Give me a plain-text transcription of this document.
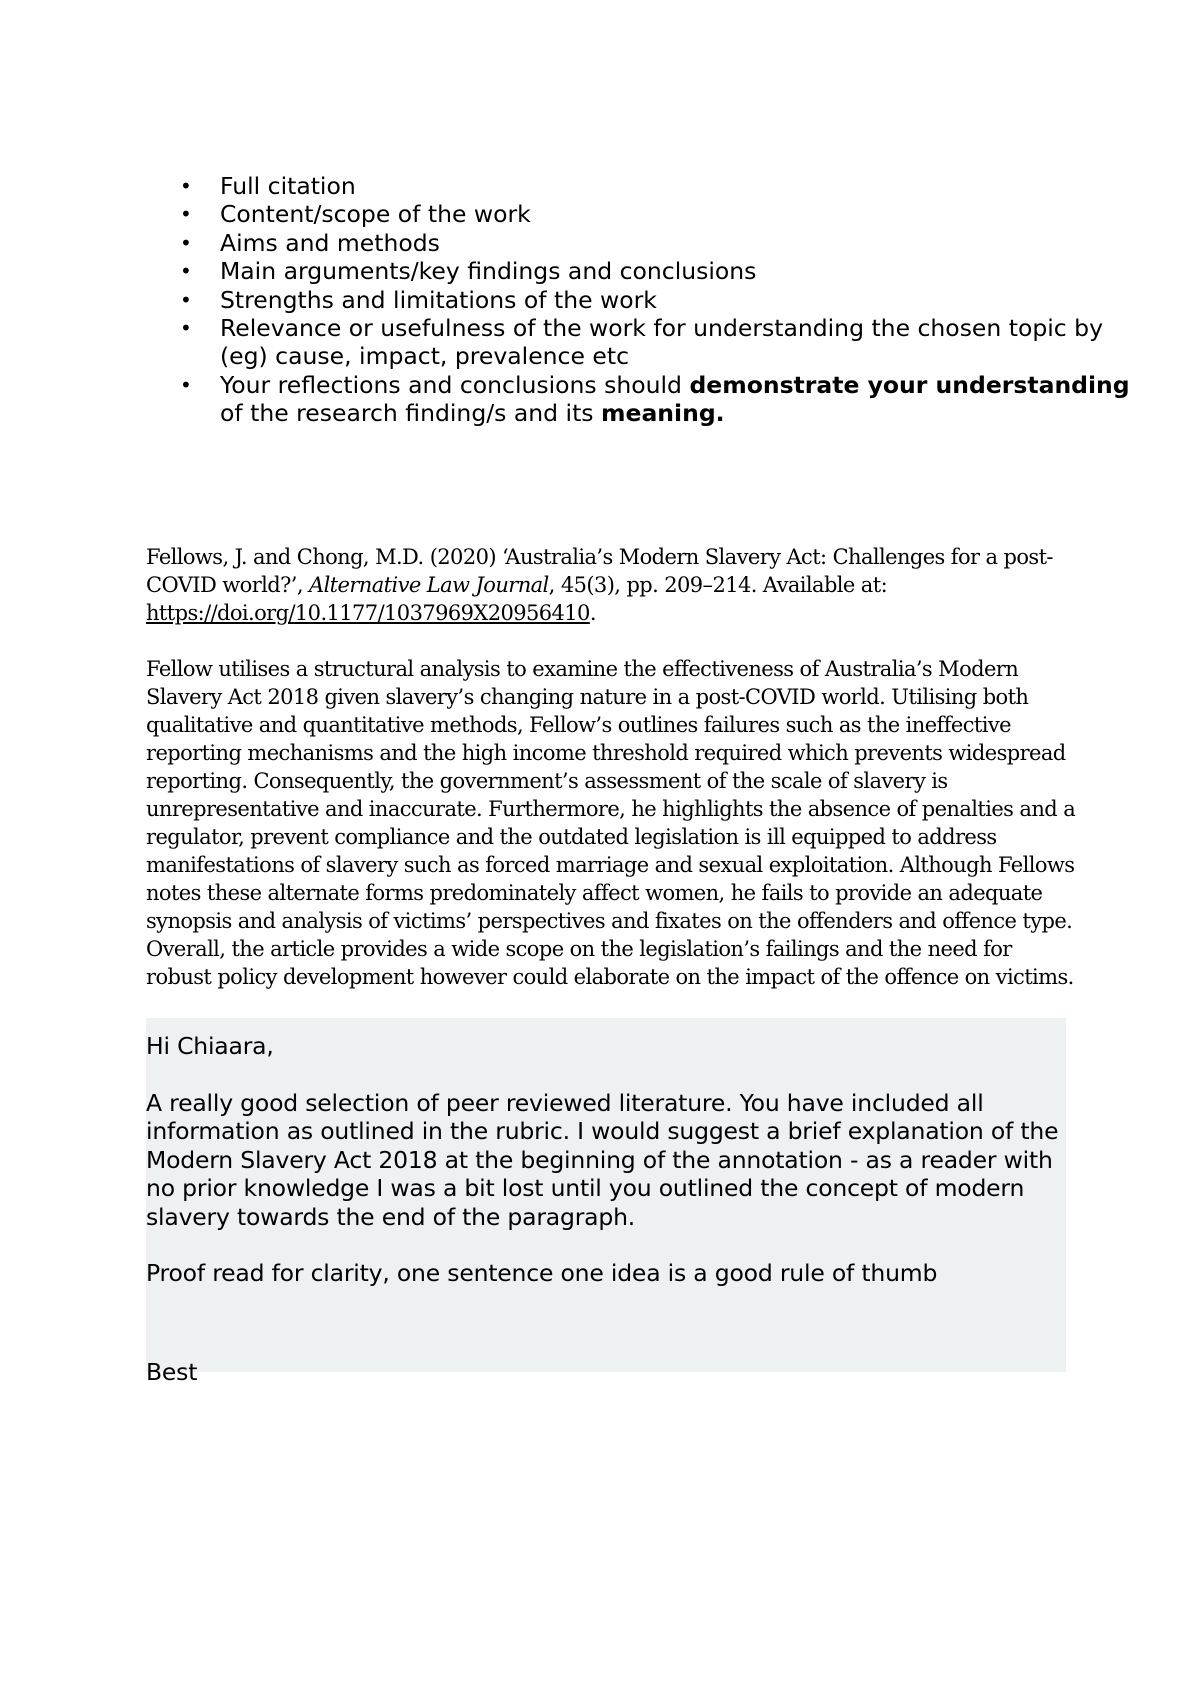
• Full citation
• Content/scope of the work
• Aims and methods
• Main arguments/key findings and conclusions
• Strengths and limitations of the work
• Relevance or usefulness of the work for understanding the chosen topic by (eg) cause, impact, prevalence etc
• Your reflections and conclusions should demonstrate your understanding of the research finding/s and its meaning.

Fellows, J. and Chong, M.D. (2020) ‘Australia’s Modern Slavery Act: Challenges for a post-COVID world?’, Alternative Law Journal, 45(3), pp. 209–214. Available at: https://doi.org/10.1177/1037969X20956410.

Fellow utilises a structural analysis to examine the effectiveness of Australia’s Modern Slavery Act 2018 given slavery’s changing nature in a post-COVID world. Utilising both qualitative and quantitative methods, Fellow’s outlines failures such as the ineffective reporting mechanisms and the high income threshold required which prevents widespread reporting. Consequently, the government’s assessment of the scale of slavery is unrepresentative and inaccurate. Furthermore, he highlights the absence of penalties and a regulator, prevent compliance and the outdated legislation is ill equipped to address manifestations of slavery such as forced marriage and sexual exploitation. Although Fellows notes these alternate forms predominately affect women, he fails to provide an adequate synopsis and analysis of victims’ perspectives and fixates on the offenders and offence type. Overall, the article provides a wide scope on the legislation’s failings and the need for robust policy development however could elaborate on the impact of the offence on victims.

Hi Chiaara,

A really good selection of peer reviewed literature. You have included all information as outlined in the rubric. I would suggest a brief explanation of the Modern Slavery Act 2018 at the beginning of the annotation - as a reader with no prior knowledge I was a bit lost until you outlined the concept of modern slavery towards the end of the paragraph.

Proof read for clarity, one sentence one idea is a good rule of thumb

Best
